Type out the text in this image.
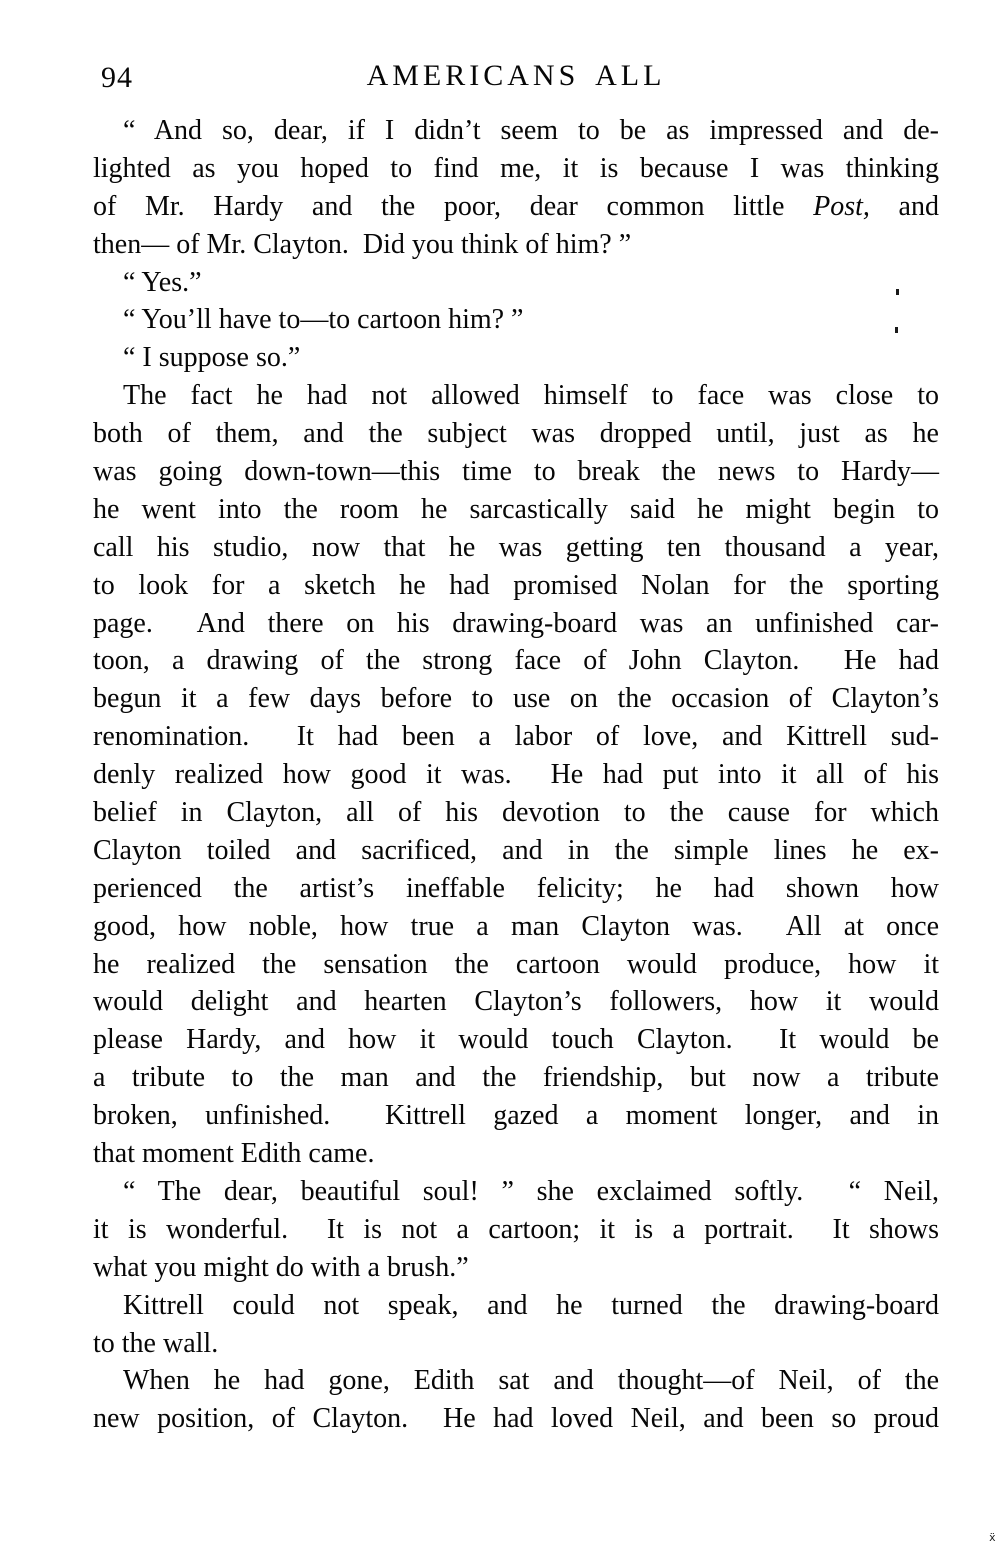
94	AMERICANS ALL
“ And so, dear, if I didn’t seem to be as impressed and de-
lighted as you hoped to find me, it is because I was thinking
of Mr. Hardy and the poor, dear common little Post, and
then— of Mr. Clayton.  Did you think of him? ”
“ Yes.”
“ You’ll have to—to cartoon him? ”
“ I suppose so.”
The fact he had not allowed himself to face was close to
both of them, and the subject was dropped until, just as he
was going down-town—this time to break the news to Hardy—
he went into the room he sarcastically said he might begin to
call his studio, now that he was getting ten thousand a year,
to look for a sketch he had promised Nolan for the sporting
page.  And there on his drawing-board was an unfinished car-
toon, a drawing of the strong face of John Clayton.  He had
begun it a few days before to use on the occasion of Clayton’s
renomination.  It had been a labor of love, and Kittrell sud-
denly realized how good it was.  He had put into it all of his
belief in Clayton, all of his devotion to the cause for which
Clayton toiled and sacrificed, and in the simple lines he ex-
perienced the artist’s ineffable felicity; he had shown how
good, how noble, how true a man Clayton was.  All at once
he realized the sensation the cartoon would produce, how it
would delight and hearten Clayton’s followers, how it would
please Hardy, and how it would touch Clayton.  It would be
a tribute to the man and the friendship, but now a tribute
broken, unfinished.  Kittrell gazed a moment longer, and in
that moment Edith came.
“ The dear, beautiful soul! ” she exclaimed softly.  “ Neil,
it is wonderful.  It is not a cartoon; it is a portrait.  It shows
what you might do with a brush.”
Kittrell could not speak, and he turned the drawing-board
to the wall.
When he had gone, Edith sat and thought—of Neil, of the
new position, of Clayton.  He had loved Neil, and been so proud
ẍ
